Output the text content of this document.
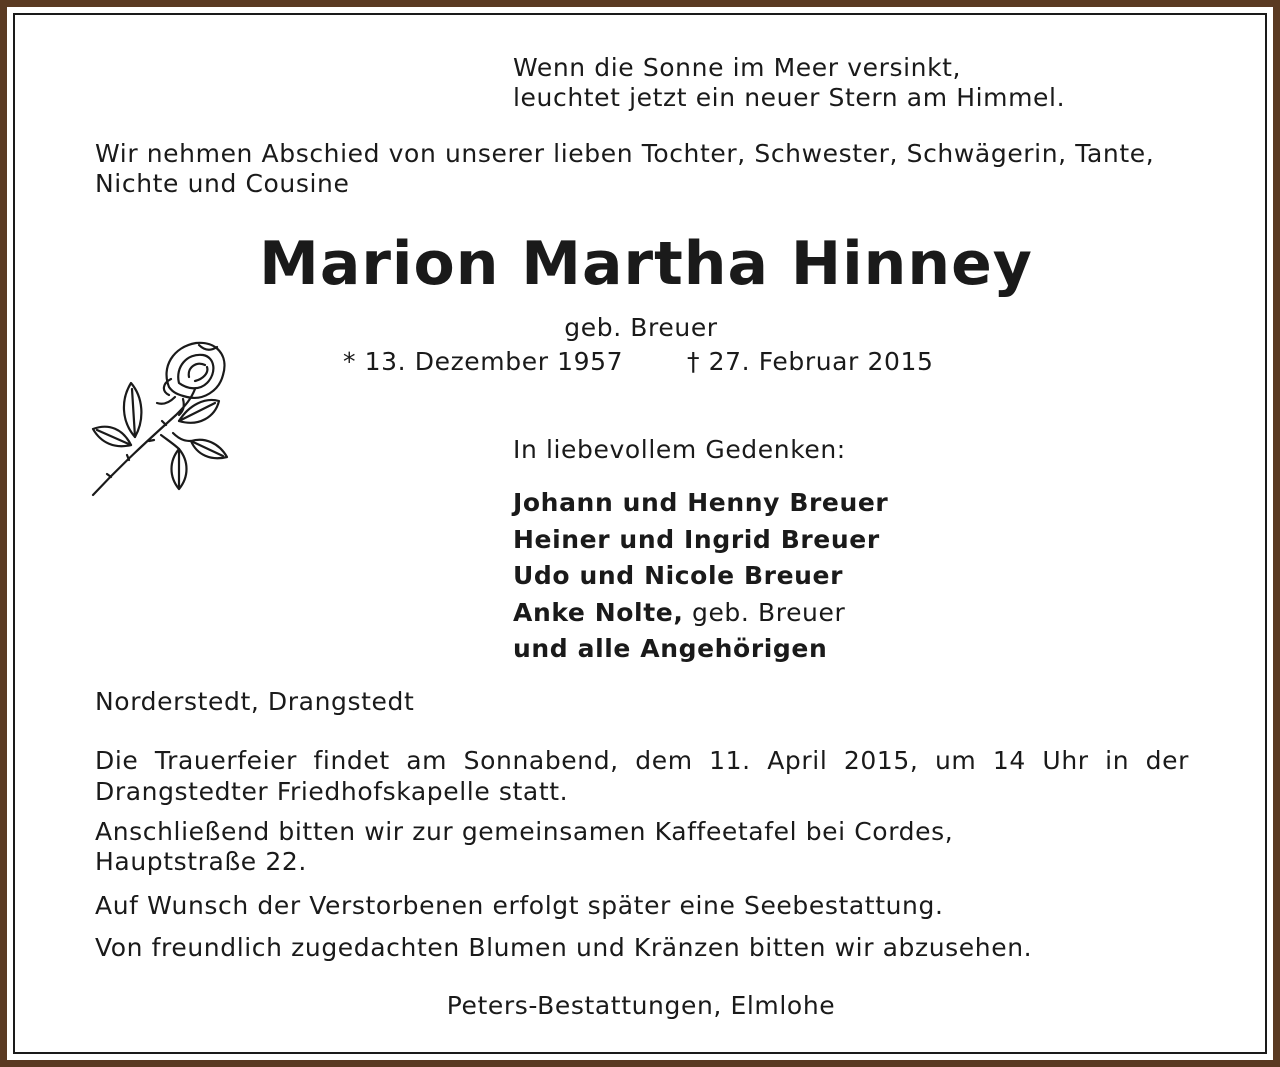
Wenn die Sonne im Meer versinkt,
leuchtet jetzt ein neuer Stern am Himmel.
Wir nehmen Abschied von unserer lieben Tochter, Schwester, Schwägerin, Tante,
Nichte und Cousine
Marion Martha Hinney
geb. Breuer
* 13. Dezember 1957	† 27. Februar 2015
In liebevollem Gedenken:
Johann und Henny Breuer
Heiner und Ingrid Breuer
Udo und Nicole Breuer
Anke Nolte, geb. Breuer
und alle Angehörigen
Norderstedt, Drangstedt
Die Trauerfeier findet am Sonnabend, dem 11. April 2015, um 14 Uhr in der
Drangstedter Friedhofskapelle statt.
Anschließend bitten wir zur gemeinsamen Kaffeetafel bei Cordes,
Hauptstraße 22.
Auf Wunsch der Verstorbenen erfolgt später eine Seebestattung.
Von freundlich zugedachten Blumen und Kränzen bitten wir abzusehen.
Peters-Bestattungen, Elmlohe
